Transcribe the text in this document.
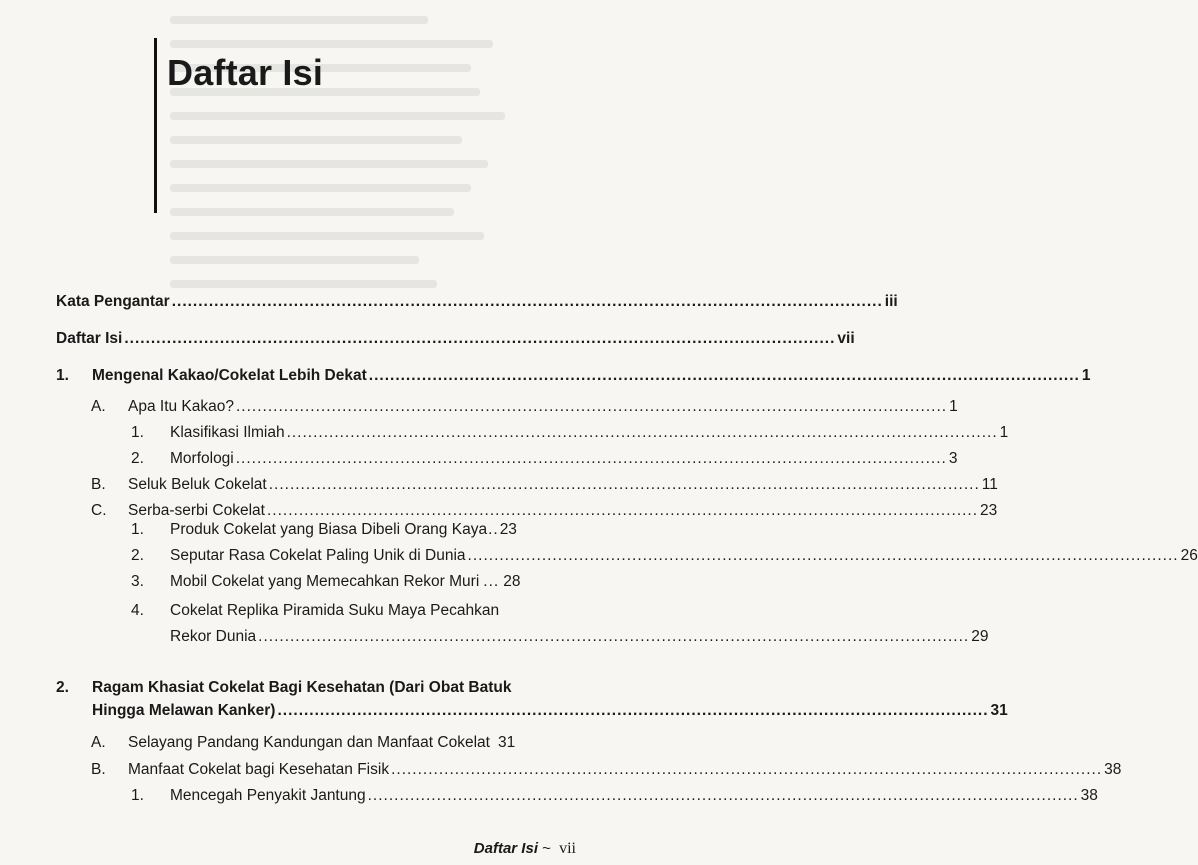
Daftar Isi
Kata Pengantar ...................................................................................................................................... iii
Daftar Isi ...................................................................................................................................... vii
1. Mengenal Kakao/Cokelat Lebih Dekat ...................................................................................................................................... 1
A. Apa Itu Kakao? ...................................................................................................................................... 1
1. Klasifikasi Ilmiah ...................................................................................................................................... 1
2. Morfologi ...................................................................................................................................... 3
B. Seluk Beluk Cokelat ...................................................................................................................................... 11
C. Serba-serbi Cokelat ...................................................................................................................................... 23
1. Produk Cokelat yang Biasa Dibeli Orang Kaya .. 23
2. Seputar Rasa Cokelat Paling Unik di Dunia ...................................................................................................................................... 26
3. Mobil Cokelat yang Memecahkan Rekor Muri ... 28
4. Cokelat Replika Piramida Suku Maya Pecahkan
Rekor Dunia ...................................................................................................................................... 29
2. Ragam Khasiat Cokelat Bagi Kesehatan (Dari Obat Batuk
Hingga Melawan Kanker) ...................................................................................................................................... 31
A. Selayang Pandang Kandungan dan Manfaat Cokelat 31
B. Manfaat Cokelat bagi Kesehatan Fisik ...................................................................................................................................... 38
1. Mencegah Penyakit Jantung ...................................................................................................................................... 38
Daftar Isi ~ vii
